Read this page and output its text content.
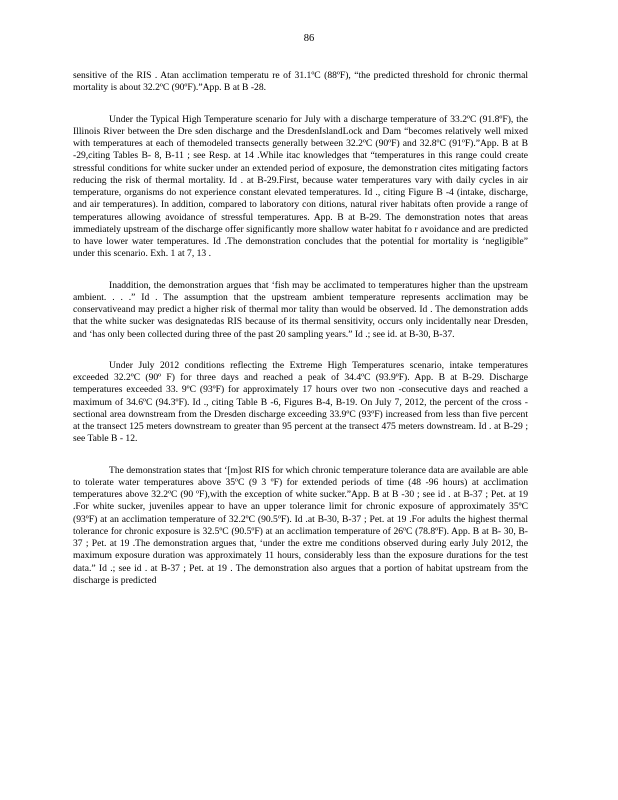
86

sensitive of the RIS . Atan acclimation temperatu re of 31.1ºC (88ºF), “the predicted threshold for chronic thermal mortality is about 32.2ºC (90ºF).”App. B at B -28.

Under the Typical High Temperature scenario for July with a discharge temperature of 33.2ºC (91.8ºF), the Illinois River between the Dre sden discharge and the DresdenIslandLock and Dam “becomes relatively well mixed with temperatures at each of themodeled transects generally between 32.2ºC (90ºF) and 32.8ºC (91ºF).”App. B at B -29,citing Tables B- 8, B-11 ; see Resp. at 14 .While itac knowledges that “temperatures in this range could create stressful conditions for white sucker under an extended period of exposure, the demonstration cites mitigating factors reducing the risk of thermal mortality. Id . at B-29.First, because water temperatures vary with daily cycles in air temperature, organisms do not experience constant elevated temperatures. Id ., citing Figure B -4 (intake, discharge, and air temperatures). In addition, compared to laboratory con ditions, natural river habitats often provide a range of temperatures allowing avoidance of stressful temperatures. App. B at B-29. The demonstration notes that areas immediately upstream of the discharge offer significantly more shallow water habitat fo r avoidance and are predicted to have lower water temperatures. Id .The demonstration concludes that the potential for mortality is ‘negligible” under this scenario. Exh. 1 at 7, 13 .

Inaddition, the demonstration argues that ‘fish may be acclimated to temperatures higher than the upstream ambient. . . .” Id . The assumption that the upstream ambient temperature represents acclimation may be conservativeand may predict a higher risk of thermal mor tality than would be observed. Id . The demonstration adds that the white sucker was designatedas RIS because of its thermal sensitivity, occurs only incidentally near Dresden, and ‘has only been collected during three of the past 20 sampling years.” Id .; see id. at B-30, B-37.

Under July 2012 conditions reflecting the Extreme High Temperatures scenario, intake temperatures exceeded 32.2ºC (90º F) for three days and reached a peak of 34.4ºC (93.9ºF). App. B at B-29. Discharge temperatures exceeded 33. 9ºC (93ºF) for approximately 17 hours over two non -consecutive days and reached a maximum of 34.6ºC (94.3ºF). Id ., citing Table B -6, Figures B-4, B-19. On July 7, 2012, the percent of the cross -sectional area downstream from the Dresden discharge exceeding 33.9ºC (93ºF) increased from less than five percent at the transect 125 meters downstream to greater than 95 percent at the transect 475 meters downstream. Id . at B-29 ; see Table B - 12.

The demonstration states that ‘[m]ost RIS for which chronic temperature tolerance data are available are able to tolerate water temperatures above 35ºC (9 3 ºF) for extended periods of time (48 -96 hours) at acclimation temperatures above 32.2ºC (90 ºF),with the exception of white sucker.”App. B at B -30 ; see id . at B-37 ; Pet. at 19 .For white sucker, juveniles appear to have an upper tolerance limit for chronic exposure of approximately 35ºC (93ºF) at an acclimation temperature of 32.2ºC (90.5ºF). Id .at B-30, B-37 ; Pet. at 19 .For adults the highest thermal tolerance for chronic exposure is 32.5ºC (90.5ºF) at an acclimation temperature of 26ºC (78.8ºF). App. B at B- 30, B-37 ; Pet. at 19 .The demonstration argues that, ‘under the extre me conditions observed during early July 2012, the maximum exposure duration was approximately 11 hours, considerably less than the exposure durations for the test data.” Id .; see id . at B-37 ; Pet. at 19 . The demonstration also argues that a portion of habitat upstream from the discharge is predicted
